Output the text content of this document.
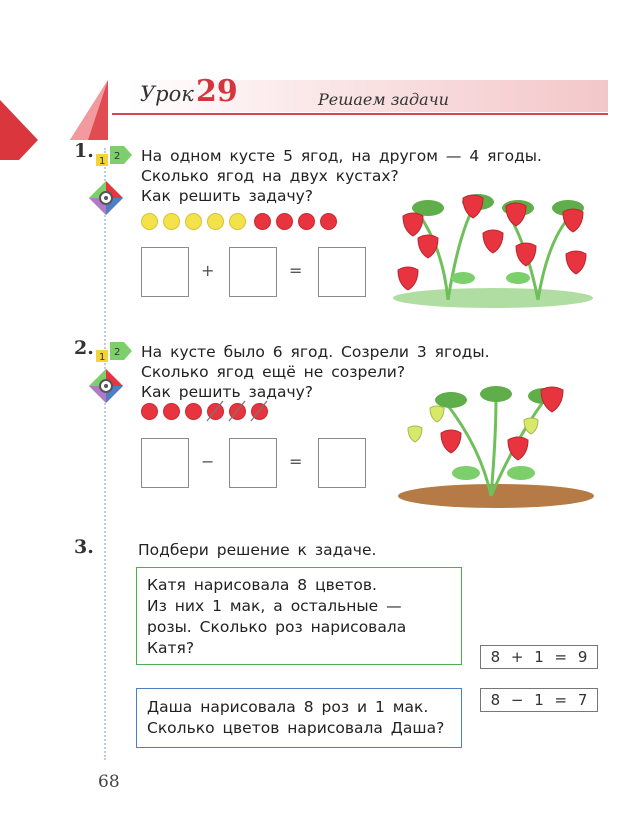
Урок 29	Решаем задачи
1. 1 2 На одном кусте 5 ягод, на другом — 4 ягоды.
Сколько ягод на двух кустах?
Как решить задачу?
+	=
2. 1 2 На кусте было 6 ягод. Созрели 3 ягоды.
Сколько ягод ещё не созрели?
Как решить задачу?
−	=
3.	Подбери решение к задаче.
Катя нарисовала 8 цветов.
Из них 1 мак, а остальные —
розы. Сколько роз нарисовала
Катя?
Даша нарисовала 8 роз и 1 мак.
Сколько цветов нарисовала Даша?
8 + 1 = 9
8 − 1 = 7
68
